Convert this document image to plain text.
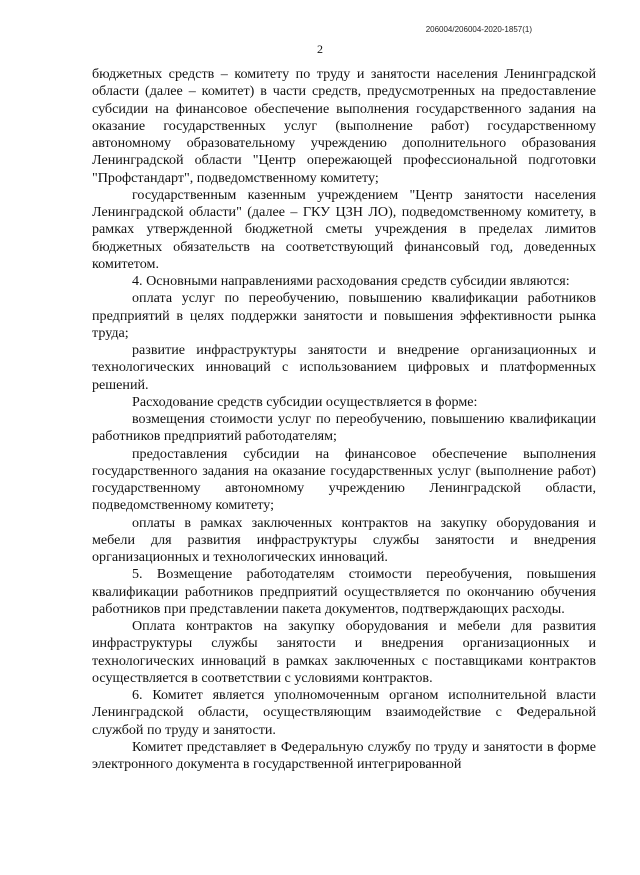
206004/206004-2020-1857(1)
2

бюджетных средств – комитету по труду и занятости населения Ленинградской области (далее – комитет) в части средств, предусмотренных на предоставление субсидии на финансовое обеспечение выполнения государственного задания на оказание государственных услуг (выполнение работ) государственному автономному образовательному учреждению дополнительного образования Ленинградской области "Центр опережающей профессиональной подготовки "Профстандарт", подведомственному комитету;

государственным казенным учреждением "Центр занятости населения Ленинградской области" (далее – ГКУ ЦЗН ЛО), подведомственному комитету, в рамках утвержденной бюджетной сметы учреждения в пределах лимитов бюджетных обязательств на соответствующий финансовый год, доведенных комитетом.

4. Основными направлениями расходования средств субсидии являются:

оплата услуг по переобучению, повышению квалификации работников предприятий в целях поддержки занятости и повышения эффективности рынка труда;

развитие инфраструктуры занятости и внедрение организационных и технологических инноваций с использованием цифровых и платформенных решений.

Расходование средств субсидии осуществляется в форме:

возмещения стоимости услуг по переобучению, повышению квалификации работников предприятий работодателям;

предоставления субсидии на финансовое обеспечение выполнения государственного задания на оказание государственных услуг (выполнение работ) государственному автономному учреждению Ленинградской области, подведомственному комитету;

оплаты в рамках заключенных контрактов на закупку оборудования и мебели для развития инфраструктуры службы занятости и внедрения организационных и технологических инноваций.

5. Возмещение работодателям стоимости переобучения, повышения квалификации работников предприятий осуществляется по окончанию обучения работников при представлении пакета документов, подтверждающих расходы.

Оплата контрактов на закупку оборудования и мебели для развития инфраструктуры службы занятости и внедрения организационных и технологических инноваций в рамках заключенных с поставщиками контрактов осуществляется в соответствии с условиями контрактов.

6. Комитет является уполномоченным органом исполнительной власти Ленинградской области, осуществляющим взаимодействие с Федеральной службой по труду и занятости.

Комитет представляет в Федеральную службу по труду и занятости в форме электронного документа в государственной интегрированной
